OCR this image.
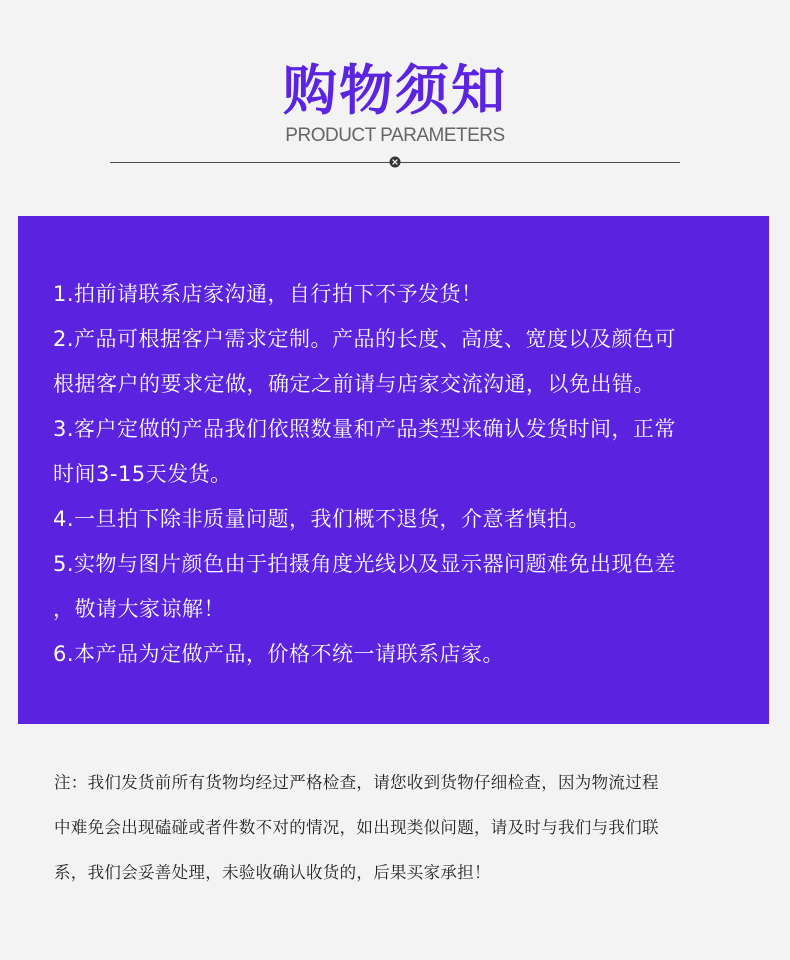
购物须知
PRODUCT PARAMETERS
1.拍前请联系店家沟通，自行拍下不予发货！
2.产品可根据客户需求定制。产品的长度、高度、宽度以及颜色可
根据客户的要求定做，确定之前请与店家交流沟通，以免出错。
3.客户定做的产品我们依照数量和产品类型来确认发货时间，正常
时间3-15天发货。
4.一旦拍下除非质量问题，我们概不退货，介意者慎拍。
5.实物与图片颜色由于拍摄角度光线以及显示器问题难免出现色差
，敬请大家谅解！
6.本产品为定做产品，价格不统一请联系店家。
注：我们发货前所有货物均经过严格检查，请您收到货物仔细检查，因为物流过程
中难免会出现磕碰或者件数不对的情况，如出现类似问题，请及时与我们与我们联
系，我们会妥善处理，未验收确认收货的，后果买家承担！
